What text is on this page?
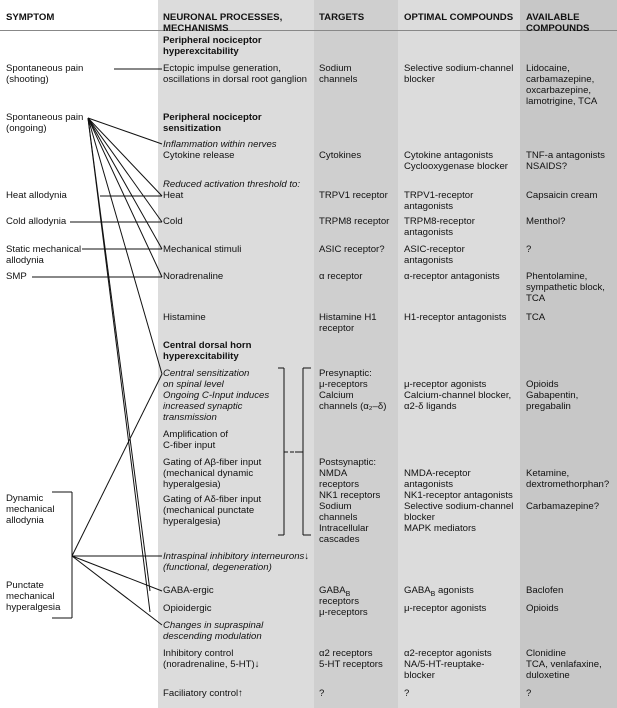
SYMPTOM	NEURONAL PROCESSES,
MECHANISMS
TARGETS	OPTIMAL COMPOUNDS AVAILABLE
COMPOUNDS
Spontaneous pain
(shooting)
Spontaneous pain
(ongoing)
Heat allodynia
Cold allodynia
Static mechanical
allodynia
SMP
Dynamic
mechanical
allodynia
Punctate
mechanical
hyperalgesia
Peripheral nociceptor
hyperexcitability
Ectopic impulse generation,
oscillations in dorsal root ganglion
Peripheral nociceptor
sensitization
Inflammation within nerves
Cytokine release
Reduced activation threshold to:
Heat
Cold
Mechanical stimuli
Noradrenaline
Histamine
Central dorsal horn
hyperexcitability
Central sensitization
on spinal level
Ongoing C-Input induces
increased synaptic
transmission
Amplification of
C-fiber input
Gating of Aβ-fiber input
(mechanical dynamic
hyperalgesia)
Gating of Aδ-fiber input
(mechanical punctate
hyperalgesia)
Intraspinal inhibitory interneurons↓
(functional, degeneration)
GABA-ergic
Opioidergic
Changes in supraspinal
descending modulation
Inhibitory control
(noradrenaline, 5-HT)↓
Faciliatory control↑
Sodium
channels
Cytokines
TRPV1 receptor
TRPM8 receptor
ASIC receptor?
α receptor
Histamine H1
receptor
Presynaptic:
μ-receptors
Calcium
channels (α₂–δ)
Postsynaptic:
NMDA
receptors
NK1 receptors
Sodium
channels
Intracellular
cascades
$GABA_B$
receptors
μ-receptors
α2 receptors
5-HT receptors
?
Selective sodium-channel
blocker
Cytokine antagonists
Cyclooxygenase blocker
TRPV1-receptor
antagonists
TRPM8-receptor
antagonists
ASIC-receptor
antagonists
α-receptor antagonists
H1-receptor antagonists
μ-receptor agonists
Calcium-channel blocker,
α2-δ ligands
NMDA-receptor
antagonists
NK1-receptor antagonists
Selective sodium-channel
blocker
MAPK mediators
$GABA_B$ agonists
μ-receptor agonists
α2-receptor agonists
NA/5-HT-reuptake-
blocker
?
Lidocaine,
carbamazepine,
oxcarbazepine,
lamotrigine, TCA
TNF-a antagonists
NSAIDS?
Capsaicin cream
Menthol?
?
Phentolamine,
sympathetic block,
TCA
TCA
Opioids
Gabapentin,
pregabalin
Ketamine,
dextromethorphan?
Carbamazepine?
Baclofen
Opioids
Clonidine
TCA, venlafaxine,
duloxetine
?
